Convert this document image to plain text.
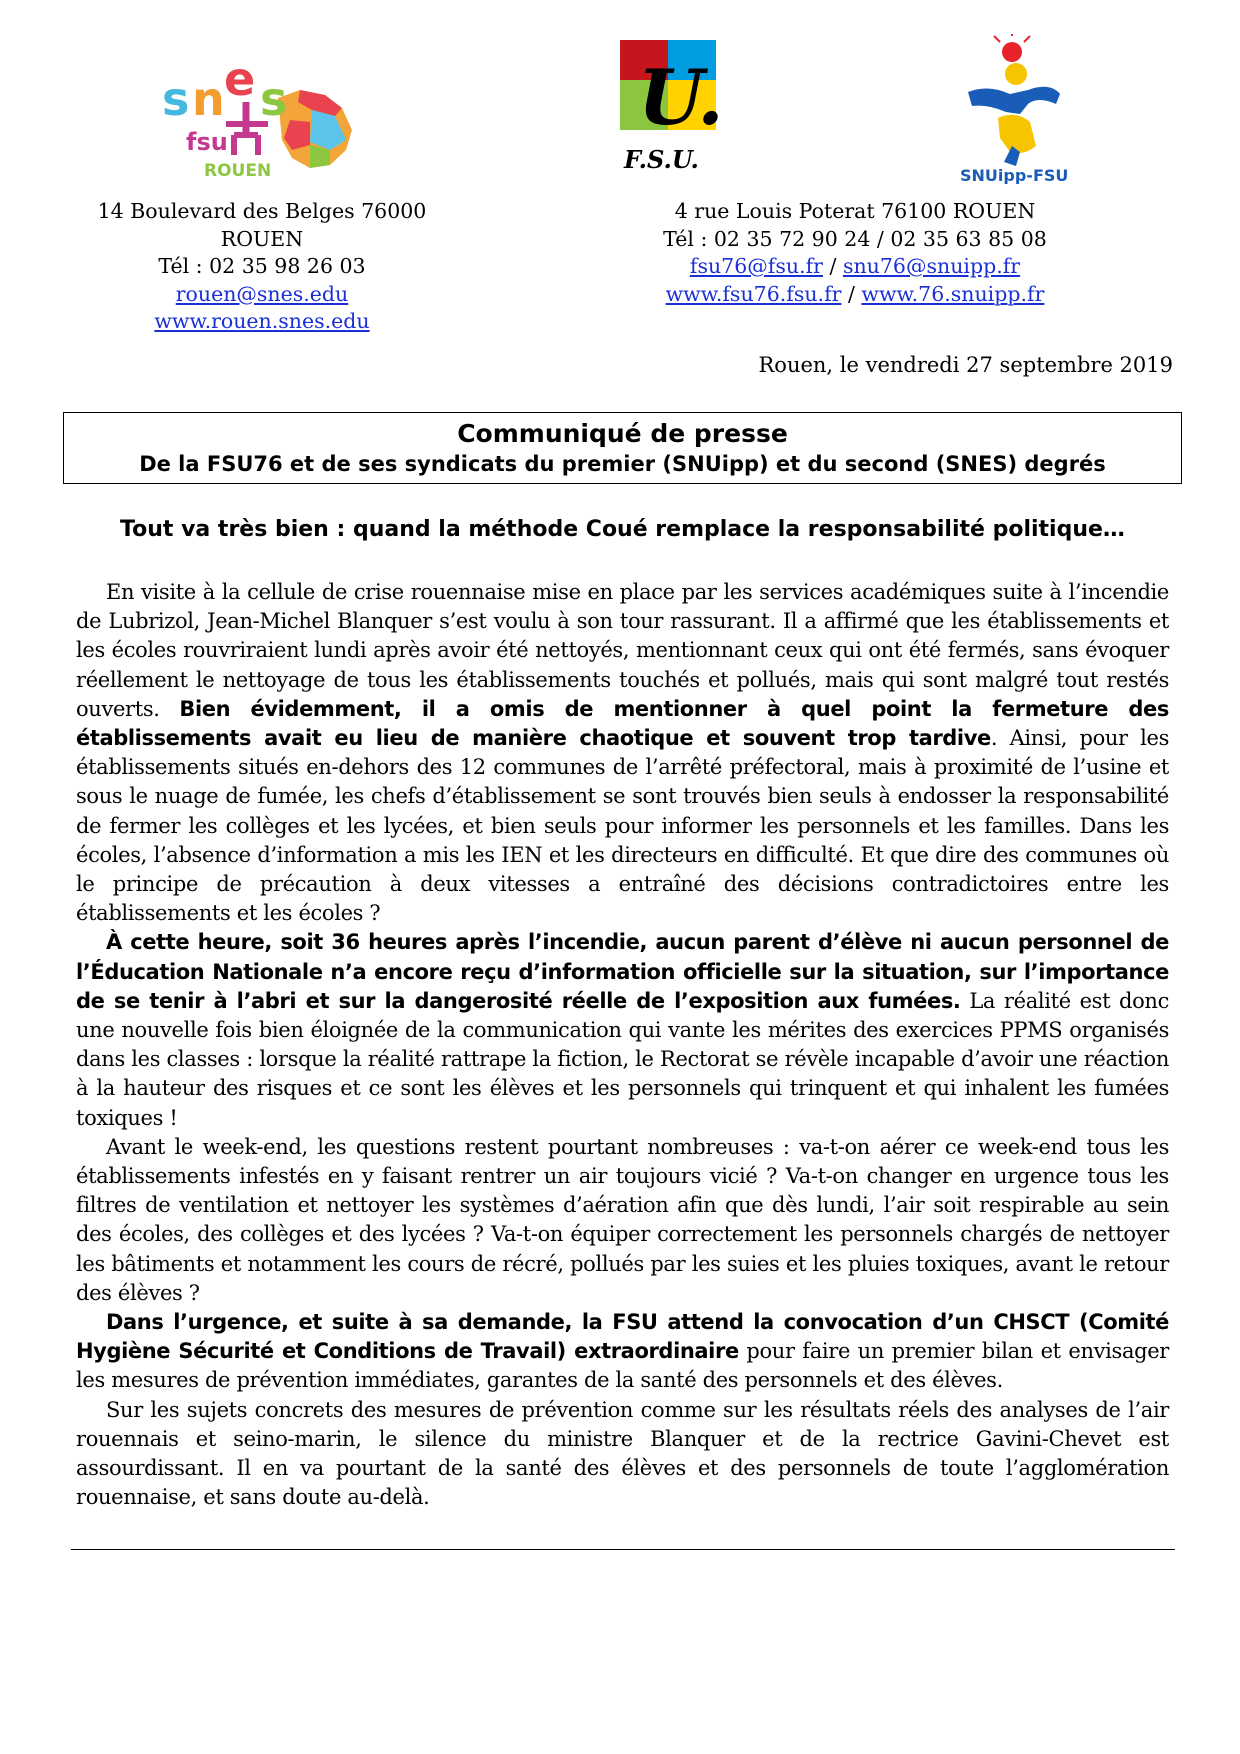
s n e s
fsu
ROUEN
U.
F.S.U.
SNUipp-FSU
14 Boulevard des Belges 76000 ROUEN
Tél : 02 35 98 26 03
rouen@snes.edu
www.rouen.snes.edu
4 rue Louis Poterat 76100 ROUEN
Tél : 02 35 72 90 24 / 02 35 63 85 08
fsu76@fsu.fr / snu76@snuipp.fr
www.fsu76.fsu.fr / www.76.snuipp.fr
Rouen, le vendredi 27 septembre 2019
Communiqué de presse
De la FSU76 et de ses syndicats du premier (SNUipp) et du second (SNES) degrés
Tout va très bien : quand la méthode Coué remplace la responsabilité politique…

En visite à la cellule de crise rouennaise mise en place par les services académiques suite à l’incendie de Lubrizol, Jean-Michel Blanquer s’est voulu à son tour rassurant. Il a affirmé que les établissements et les écoles rouvriraient lundi après avoir été nettoyés, mentionnant ceux qui ont été fermés, sans évoquer réellement le nettoyage de tous les établissements touchés et pollués, mais qui sont malgré tout restés ouverts. Bien évidemment, il a omis de mentionner à quel point la fermeture des établissements avait eu lieu de manière chaotique et souvent trop tardive. Ainsi, pour les établissements situés en-dehors des 12 communes de l’arrêté préfectoral, mais à proximité de l’usine et sous le nuage de fumée, les chefs d’établissement se sont trouvés bien seuls à endosser la responsabilité de fermer les collèges et les lycées, et bien seuls pour informer les personnels et les familles. Dans les écoles, l’absence d’information a mis les IEN et les directeurs en difficulté. Et que dire des communes où le principe de précaution à deux vitesses a entraîné des décisions contradictoires entre les établissements et les écoles ?

À cette heure, soit 36 heures après l’incendie, aucun parent d’élève ni aucun personnel de l’Éducation Nationale n’a encore reçu d’information officielle sur la situation, sur l’importance de se tenir à l’abri et sur la dangerosité réelle de l’exposition aux fumées. La réalité est donc une nouvelle fois bien éloignée de la communication qui vante les mérites des exercices PPMS organisés dans les classes : lorsque la réalité rattrape la fiction, le Rectorat se révèle incapable d’avoir une réaction à la hauteur des risques et ce sont les élèves et les personnels qui trinquent et qui inhalent les fumées toxiques !

Avant le week-end, les questions restent pourtant nombreuses : va-t-on aérer ce week-end tous les établissements infestés en y faisant rentrer un air toujours vicié ? Va-t-on changer en urgence tous les filtres de ventilation et nettoyer les systèmes d’aération afin que dès lundi, l’air soit respirable au sein des écoles, des collèges et des lycées ? Va-t-on équiper correctement les personnels chargés de nettoyer les bâtiments et notamment les cours de récré, pollués par les suies et les pluies toxiques, avant le retour des élèves ?

Dans l’urgence, et suite à sa demande, la FSU attend la convocation d’un CHSCT (Comité Hygiène Sécurité et Conditions de Travail) extraordinaire pour faire un premier bilan et envisager les mesures de prévention immédiates, garantes de la santé des personnels et des élèves.

Sur les sujets concrets des mesures de prévention comme sur les résultats réels des analyses de l’air rouennais et seino-marin, le silence du ministre Blanquer et de la rectrice Gavini-Chevet est assourdissant. Il en va pourtant de la santé des élèves et des personnels de toute l’agglomération rouennaise, et sans doute au-delà.
